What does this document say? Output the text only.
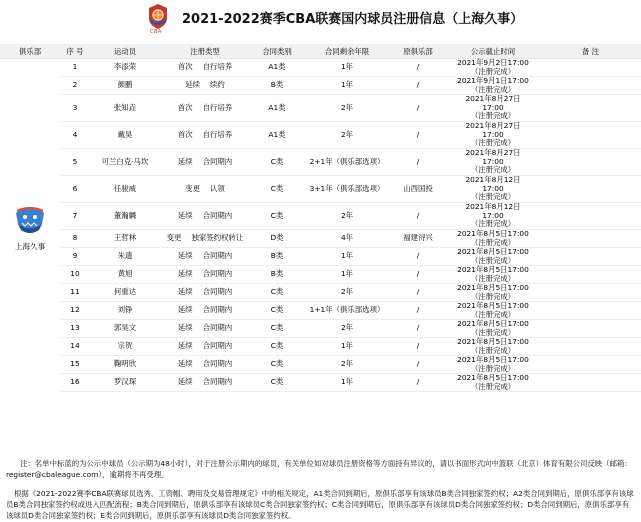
CBA
2021-2022赛季CBA联赛国内球员注册信息（上海久事）
俱乐部	序 号	运动员	注册类型	合同类别	合同剩余年限	原俱乐部	公示截止时间	备 注

上海久事	1	李添荣	首次 自行培养	A1类	1年	/	2021年9月2日17:00
（注册完成）	

	2	颜鹏	延续 续约	B类	1年	/	2021年9月1日17:00
（注册完成）	

	3	张知垚	首次 自行培养	A1类	2年	/	2021年8月27日
17:00
（注册完成）	

	4	戴昊	首次 自行培养	A1类	2年	/	2021年8月27日
17:00
（注册完成）	

	5	可兰白克·马坎	延续 合同期内	C类	2+1年（俱乐部选项）	/	2021年8月27日
17:00
（注册完成）	

	6	任骏威	变更 认领	C类	3+1年（俱乐部选项）	山西国投	2021年8月12日
17:00
（注册完成）	

	7	董瀚麟	延续 合同期内	C类	2年	/	2021年8月12日
17:00
（注册完成）	

	8	王哲林	变更 独家签约权转让	D类	4年	福建浔兴	2021年8月5日17:00
（注册完成）	

	9	朱遗	延续 合同期内	B类	1年	/	2021年8月5日17:00
（注册完成）	

	10	黄旭	延续 合同期内	B类	1年	/	2021年8月5日17:00
（注册完成）	

	11	何重达	延续 合同期内	C类	2年	/	2021年8月5日17:00
（注册完成）	

	12	刘铮	延续 合同期内	C类	1+1年（俱乐部选项）	/	2021年8月5日17:00
（注册完成）	

	13	郭昊文	延续 合同期内	C类	2年	/	2021年8月5日17:00
（注册完成）	

	14	宗贺	延续 合同期内	C类	1年	/	2021年8月5日17:00
（注册完成）	

	15	鞠明欣	延续 合同期内	C类	2年	/	2021年8月5日17:00
（注册完成）	

	16	罗汉琛	延续 合同期内	C类	1年	/	2021年8月5日17:00
（注册完成）	

注：名单中标蓝的为公示中球员（公示期为48小时），对于注册公示期内的球员，有关单位如对球员注册资格等方面持有异议的，请以书面形式向中篮联（北京）体育有限公司反映（邮箱：register@cbaleague.com），逾期将不再受理。
根据《2021-2022赛季CBA联赛球员选秀、工资帽、聘用及交易管理规定》中的相关规定，A1类合同到期后，原俱乐部享有该球员B类合同独家签约权；A2类合同到期后，原俱乐部享有该球员B类合同独家签约权或进入匹配流程；B类合同到期后，原俱乐部享有该球员C类合同独家签约权；C类合同到期后，原俱乐部享有该球员D类合同独家签约权；D类合同到期后，原俱乐部享有该球员D类合同独家签约权；E类合同到期后，原俱乐部享有该球员D类合同独家签约权。
